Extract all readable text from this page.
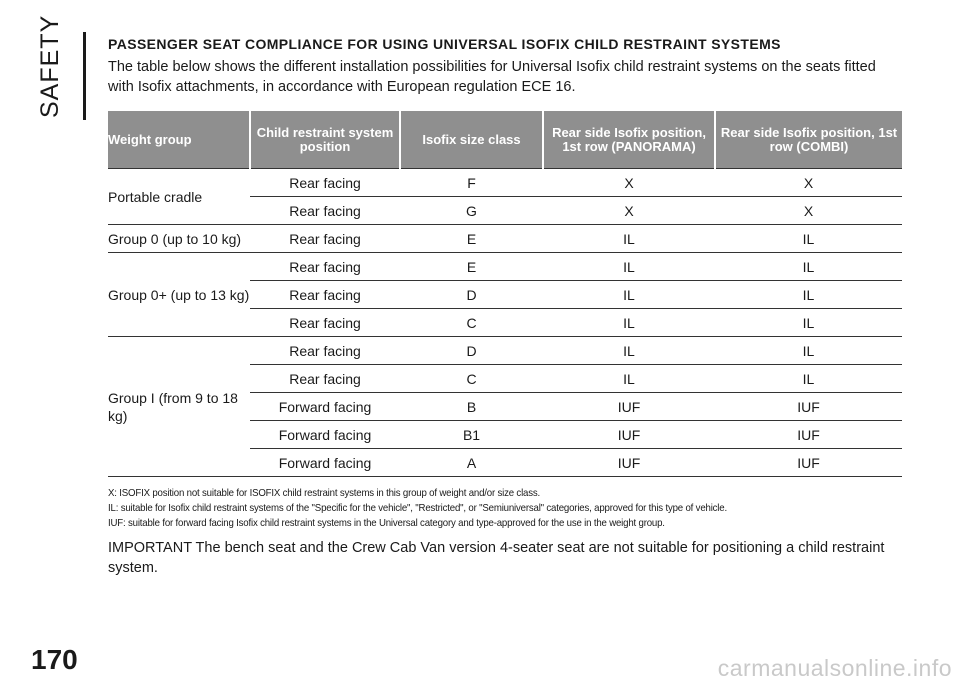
SAFETY	PASSENGER SEAT COMPLIANCE FOR USING UNIVERSAL ISOFIX CHILD RESTRAINT SYSTEMS
The table below shows the different installation possibilities for Universal Isofix child restraint systems on the seats fitted with Isofix attachments, in accordance with European regulation ECE 16.
Weight group	Child restraint system position	Isofix size class	Rear side Isofix position, 1st row (PANORAMA)	Rear side Isofix position, 1st row (COMBI)
Portable cradle	Rear facing	F	X	X
	Rear facing	G	X	X
Group 0 (up to 10 kg)	Rear facing	E	IL	IL
Group 0+ (up to 13 kg)	Rear facing	E	IL	IL
	Rear facing	D	IL	IL
	Rear facing	C	IL	IL
Group I (from 9 to 18 kg)	Rear facing	D	IL	IL
	Rear facing	C	IL	IL
	Forward facing	B	IUF	IUF
	Forward facing	B1	IUF	IUF
	Forward facing	A	IUF	IUF
X: ISOFIX position not suitable for ISOFIX child restraint systems in this group of weight and/or size class.
IL: suitable for Isofix child restraint systems of the "Specific for the vehicle", "Restricted", or "Semiuniversal" categories, approved for this type of vehicle.
IUF: suitable for forward facing Isofix child restraint systems in the Universal category and type-approved for the use in the weight group.
IMPORTANT The bench seat and the Crew Cab Van version 4-seater seat are not suitable for positioning a child restraint system.
170	carmanualsonline.info
